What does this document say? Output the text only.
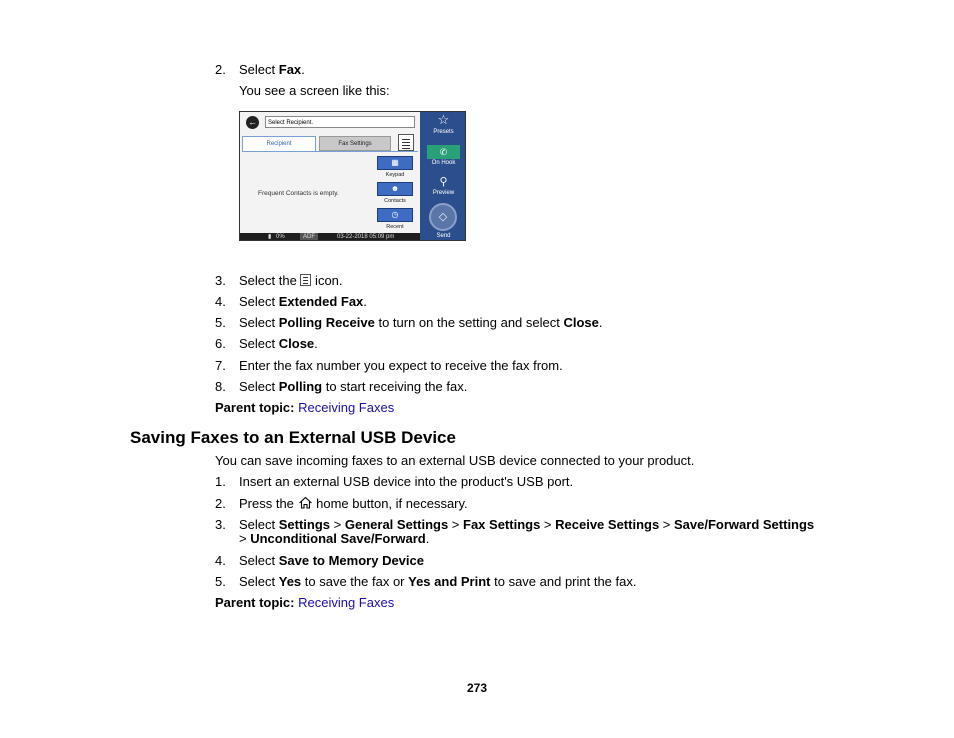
2. Select Fax.
You see a screen like this:
←	Select Recipient.
Recipient	Fax Settings
Frequent Contacts is empty.
▦
Keypad
☻
Contacts
◷
Recent
☆
Presets
✆
On Hook
⚲
Preview
◇
Send
▮ 0%	ADF	03-22-2018 05:09 pm
3. Select the
icon.
4. Select Extended Fax.
5. Select Polling Receive to turn on the setting and select Close.
6. Select Close.
7. Enter the fax number you expect to receive the fax from.
8. Select Polling to start receiving the fax.
Parent topic: Receiving Faxes
Saving Faxes to an External USB Device
You can save incoming faxes to an external USB device connected to your product.
1. Insert an external USB device into the product's USB port.
2. Press the  home button, if necessary.
3. Select Settings > General Settings > Fax Settings > Receive Settings > Save/Forward Settings
> Unconditional Save/Forward.
4. Select Save to Memory Device
5. Select Yes to save the fax or Yes and Print to save and print the fax.
Parent topic: Receiving Faxes
273
